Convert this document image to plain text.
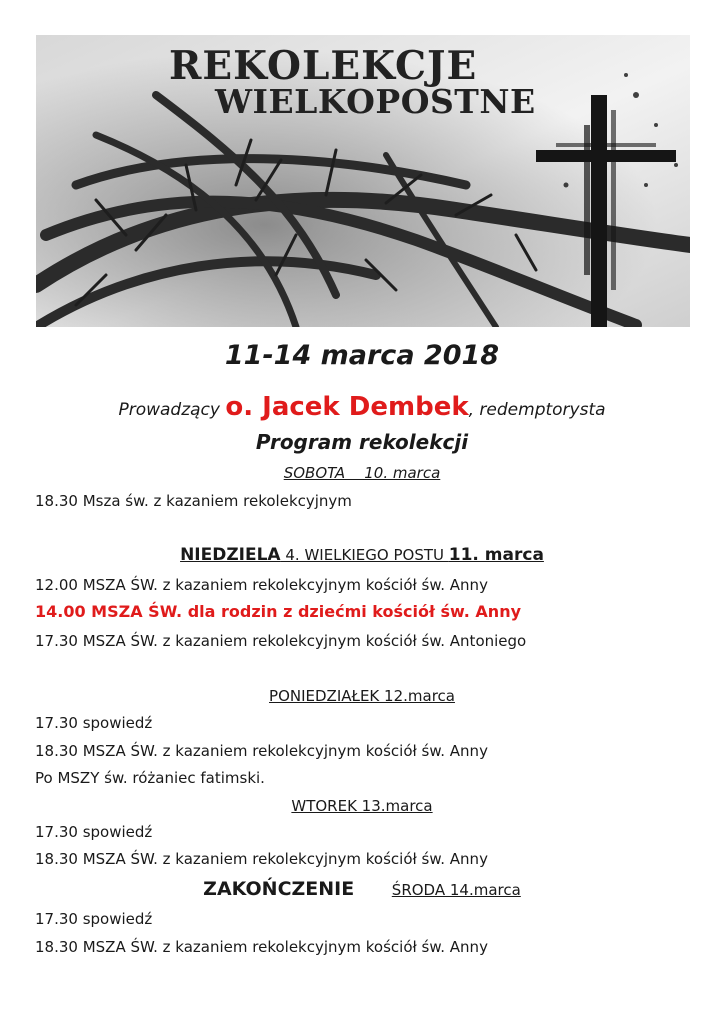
REKOLEKCJE
WIELKOPOSTNE
11-14 marca 2018
Prowadzący o. Jacek Dembek, redemptorysta
Program rekolekcji
SOBOTA    10. marca
18.30 Msza św. z kazaniem rekolekcyjnym
NIEDZIELA 4. WIELKIEGO POSTU 11. marca
12.00 MSZA ŚW. z kazaniem rekolekcyjnym kościół św. Anny
14.00 MSZA ŚW. dla rodzin z dziećmi kościół św. Anny
17.30 MSZA ŚW. z kazaniem rekolekcyjnym kościół św. Antoniego
PONIEDZIAŁEK 12.marca
17.30 spowiedź
18.30 MSZA ŚW. z kazaniem rekolekcyjnym kościół św. Anny
Po MSZY św. różaniec fatimski.
WTOREK 13.marca
17.30 spowiedź
18.30 MSZA ŚW. z kazaniem rekolekcyjnym kościół św. Anny
ZAKOŃCZENIE	ŚRODA 14.marca
17.30 spowiedź
18.30 MSZA ŚW. z kazaniem rekolekcyjnym kościół św. Anny
